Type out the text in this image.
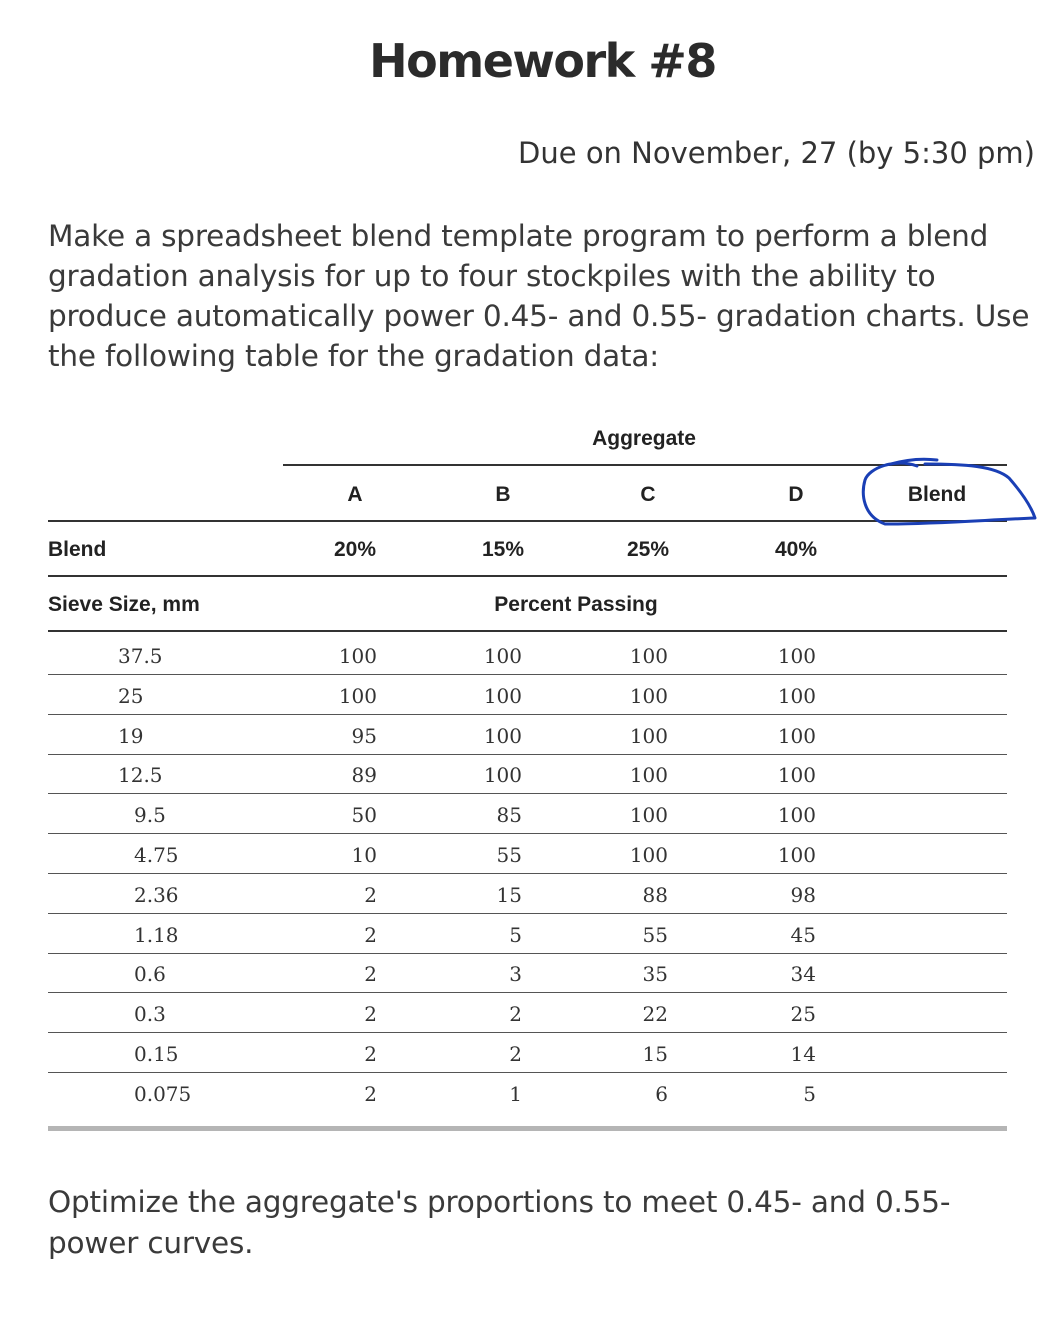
Homework #8
Due on November, 27 (by 5:30 pm)
Make a spreadsheet blend template program to perform a blend gradation analysis for up to four stockpiles with the ability to produce automatically power 0.45- and 0.55- gradation charts. Use the following table for the gradation data:
Aggregate
A	B	C	D	Blend
Blend	20%	15%	25%	40%
Sieve Size, mm	Percent Passing
37.5	100	100	100	100
25	100	100	100	100
19	95	100	100	100
12.5	89	100	100	100
9.5	50	85	100	100
4.75	10	55	100	100
2.36	2	15	88	98
1.18	2	5	55	45
0.6	2	3	35	34
0.3	2	2	22	25
0.15	2	2	15	14
0.075	2	1	6	5
Optimize the aggregate's proportions to meet 0.45- and 0.55- power curves.
